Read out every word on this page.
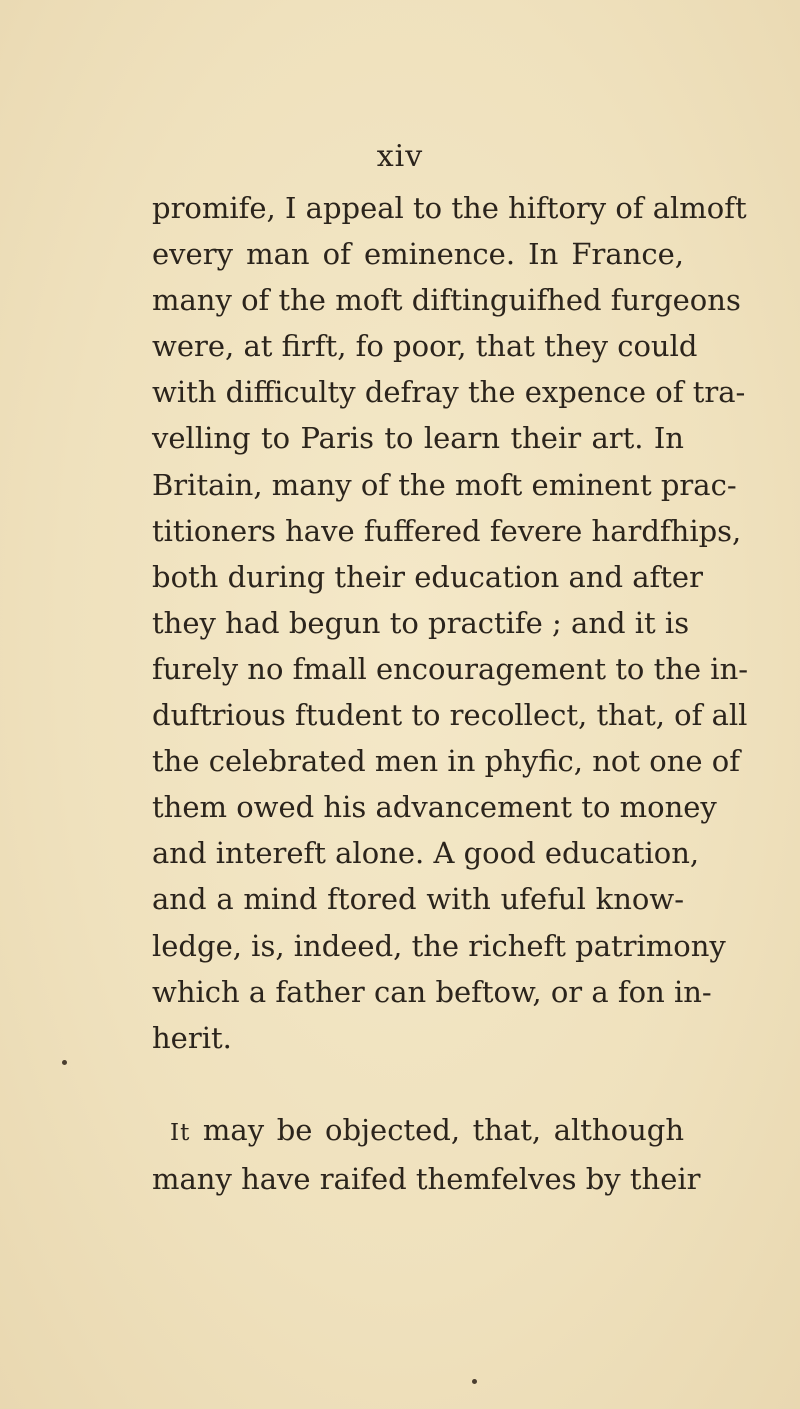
xiv
promife, I appeal to the hiftory of almoft
every man of eminence. In France,
many of the moft diftinguifhed furgeons
were, at firft, fo poor, that they could
with difficulty defray the expence of tra-
velling to Paris to learn their art. In
Britain, many of the moft eminent prac-
titioners have fuffered fevere hardfhips,
both during their education and after
they had begun to practife ; and it is
furely no fmall encouragement to the in-
duftrious ftudent to recollect, that, of all
the celebrated men in phyfic, not one of
them owed his advancement to money
and intereft alone. A good education,
and a mind ftored with ufeful know-
ledge, is, indeed, the richeft patrimony
which a father can beftow, or a fon in-
herit.
It may be objected, that, although
many have raifed themfelves by their
